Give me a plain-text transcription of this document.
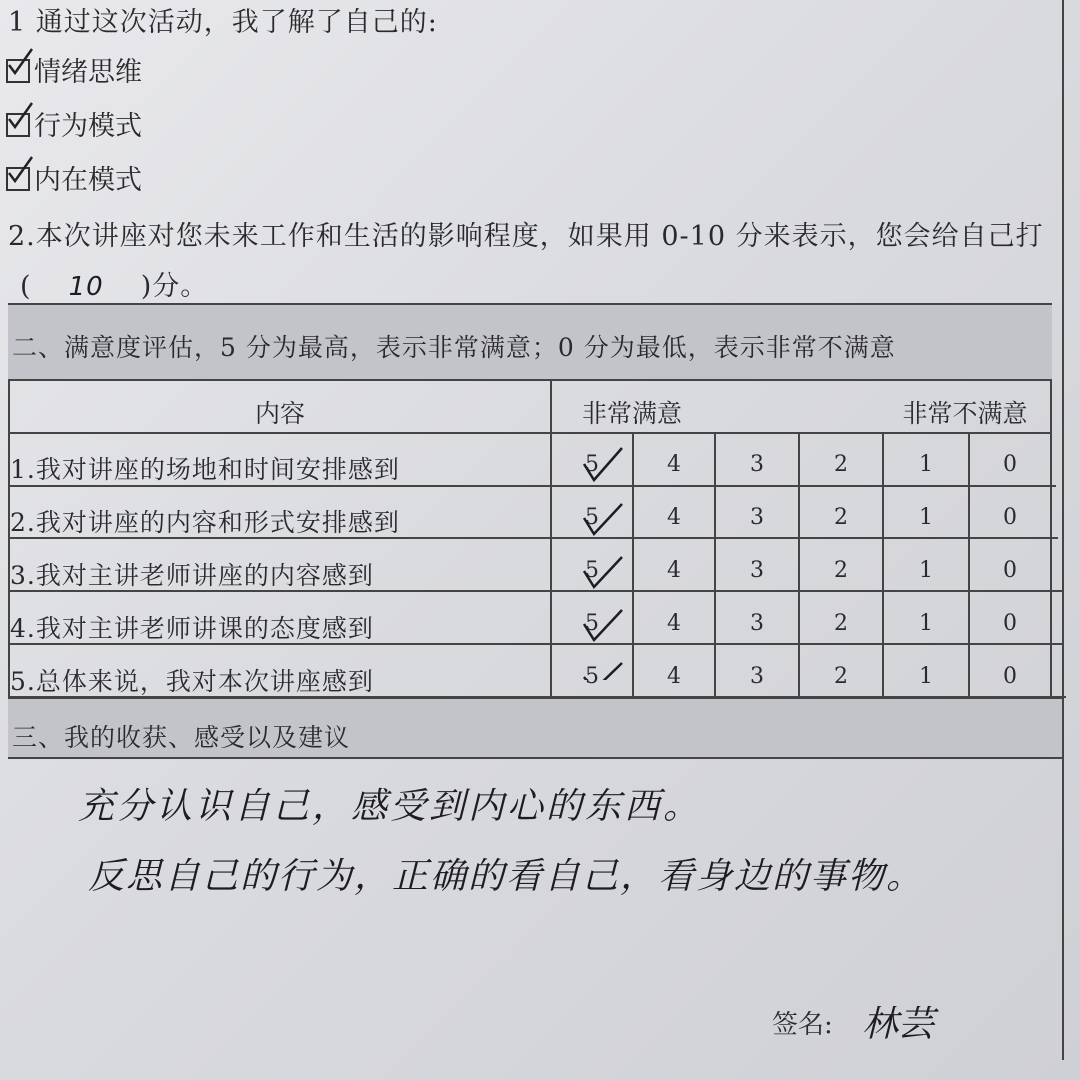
1 通过这次活动，我了解了自己的:
情绪思维
行为模式
内在模式
2.本次讲座对您未来工作和生活的影响程度，如果用 0-10 分来表示，您会给自己打
( 10 )分。
二、满意度评估，5 分为最高，表示非常满意；0 分为最低，表示非常不满意
内容	非常满意	非常不满意
1.我对讲座的场地和时间安排感到	5	4	3	2	1	0
2.我对讲座的内容和形式安排感到	5	4	3	2	1	0
3.我对主讲老师讲座的内容感到	5	4	3	2	1	0
4.我对主讲老师讲课的态度感到	5	4	3	2	1	0
5.总体来说，我对本次讲座感到	5	4	3	2	1	0
三、我的收获、感受以及建议
充分认识自己，感受到内心的东西。
反思自己的行为，正确的看自己，看身边的事物。
签名: 林芸
